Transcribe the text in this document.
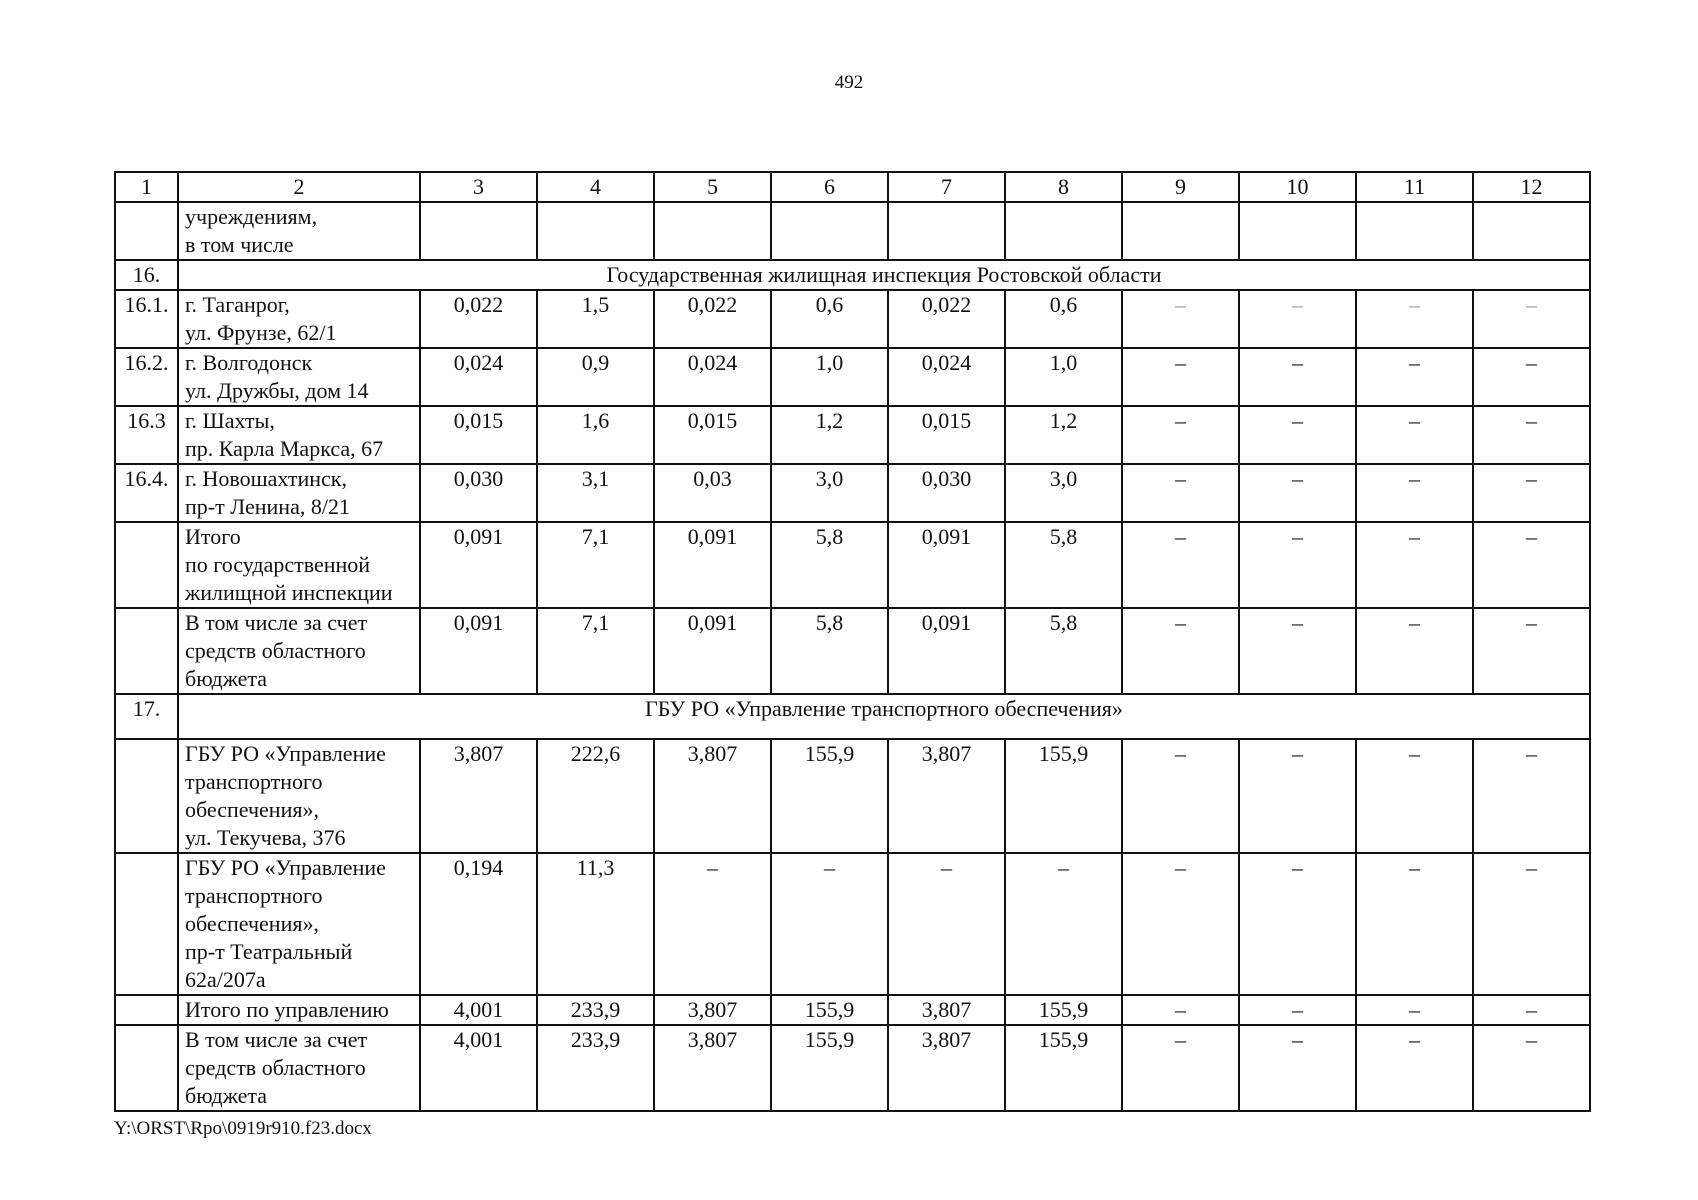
492
1	2	3	4	5	6	7	8	9	10	11	12

	учреждениям,
в том числе										

16.	Государственная жилищная инспекция Ростовской области										
16.1.	г. Таганрог,
ул. Фрунзе, 62/1	0,022	1,5	0,022	0,6	0,022	0,6	–	–	–	–
16.2.	г. Волгодонск
ул. Дружбы, дом 14	0,024	0,9	0,024	1,0	0,024	1,0	–	–	–	–
16.3	г. Шахты,
пр. Карла Маркса, 67	0,015	1,6	0,015	1,2	0,015	1,2	–	–	–	–
16.4.	г. Новошахтинск,
пр-т Ленина, 8/21	0,030	3,1	0,03	3,0	0,030	3,0	–	–	–	–

	Итого
по государственной
жилищной инспекции	0,091	7,1	0,091	5,8	0,091	5,8	–	–	–	–

	В том числе за счет
средств областного
бюджета	0,091	7,1	0,091	5,8	0,091	5,8	–	–	–	–
17.	ГБУ РО «Управление транспортного обеспечения»										

	ГБУ РО «Управление
транспортного
обеспечения»,
ул. Текучева, 376	3,807	222,6	3,807	155,9	3,807	155,9	–	–	–	–

	ГБУ РО «Управление
транспортного
обеспечения»,
пр-т Театральный
62а/207а	0,194	11,3	–	–	–	–	–	–	–	–

	Итого по управлению	4,001	233,9	3,807	155,9	3,807	155,9	–	–	–	–

	В том числе за счет
средств областного
бюджета	4,001	233,9	3,807	155,9	3,807	155,9	–	–	–	–
Y:\ORST\Rpo\0919r910.f23.docx
